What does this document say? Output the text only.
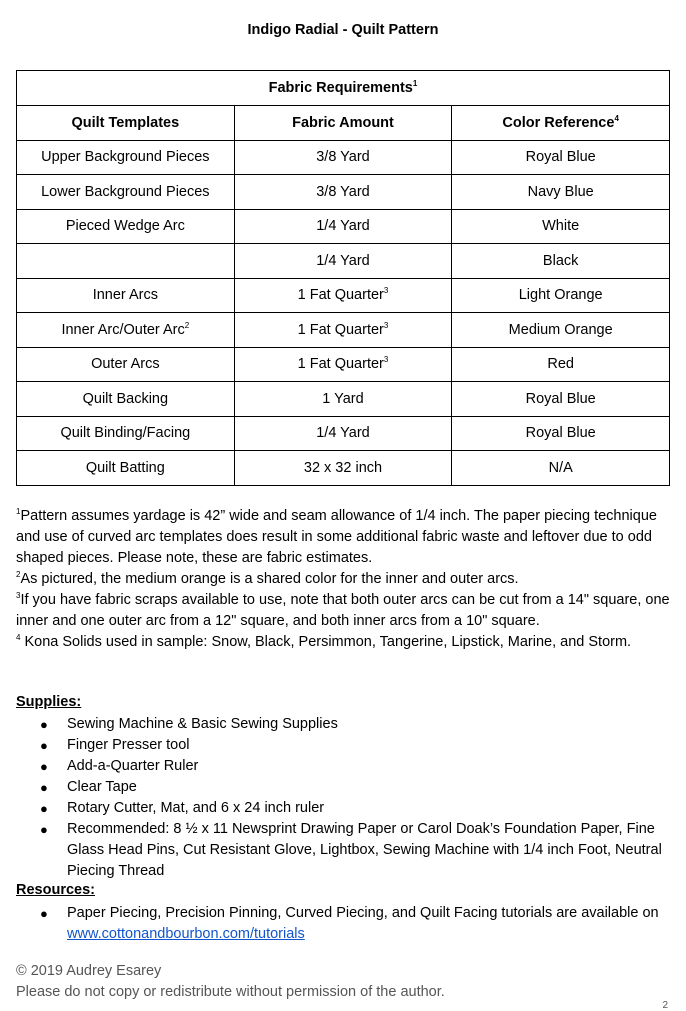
Indigo Radial - Quilt Pattern
Fabric Requirements$^1$
Quilt Templates	Fabric Amount	Color Reference$^4$
Upper Background Pieces	3/8 Yard	Royal Blue
Lower Background Pieces	3/8 Yard	Navy Blue
Pieced Wedge Arc	1/4 Yard	White
	1/4 Yard	Black
Inner Arcs	1 Fat Quarter$^3$	Light Orange
Inner Arc/Outer Arc$^2$	1 Fat Quarter$^3$	Medium Orange
Outer Arcs	1 Fat Quarter$^3$	Red
Quilt Backing	1 Yard	Royal Blue
Quilt Binding/Facing	1/4 Yard	Royal Blue
Quilt Batting	32 x 32 inch	N/A

$^1$Pattern assumes yardage is 42” wide and seam allowance of 1/4 inch. The paper piecing technique and use of curved arc templates does result in some additional fabric waste and leftover due to odd shaped pieces. Please note, these are fabric estimates.

$^2$As pictured, the medium orange is a shared color for the inner and outer arcs.

$^3$If you have fabric scraps available to use, note that both outer arcs can be cut from a 14" square, one inner and one outer arc from a 12" square, and both inner arcs from a 10" square.

$^4$ Kona Solids used in sample: Snow, Black, Persimmon, Tangerine, Lipstick, Marine, and Storm.

Supplies:
● Sewing Machine & Basic Sewing Supplies
● Finger Presser tool
● Add-a-Quarter Ruler
● Clear Tape
● Rotary Cutter, Mat, and 6 x 24 inch ruler
● Recommended: 8 ½ x 11 Newsprint Drawing Paper or Carol Doak’s Foundation Paper, Fine Glass Head Pins, Cut Resistant Glove, Lightbox, Sewing Machine with 1/4 inch Foot, Neutral Piecing Thread
Resources:
● Paper Piecing, Precision Pinning, Curved Piecing, and Quilt Facing tutorials are available on www.cottonandbourbon.com/tutorials

© 2019 Audrey Esarey

Please do not copy or redistribute without permission of the author.

2
